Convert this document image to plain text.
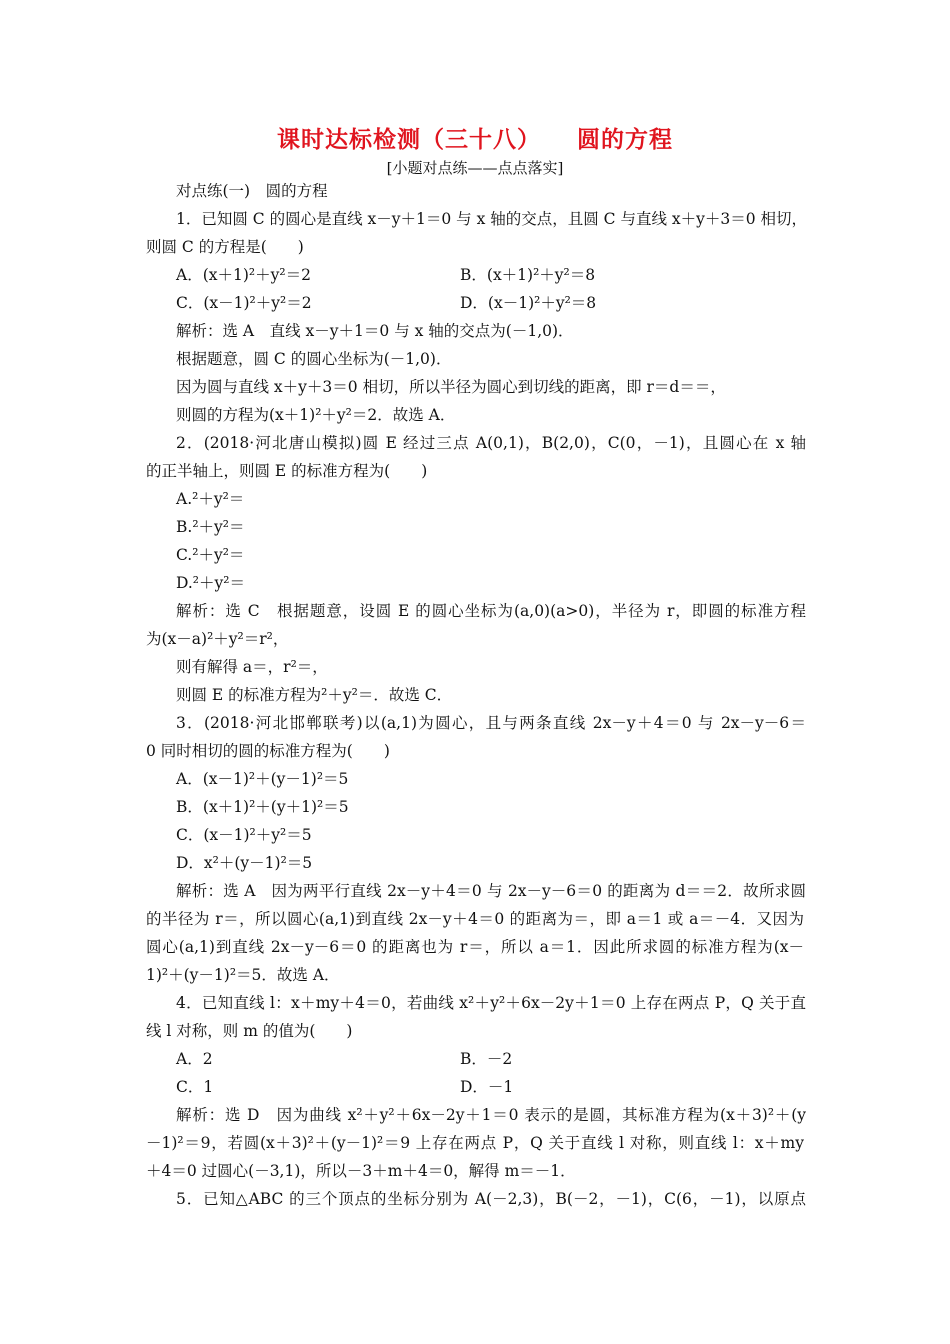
课时达标检测（三十八）    圆的方程
[小题对点练——点点落实]
对点练(一)　圆的方程
1．已知圆 C 的圆心是直线 x－y＋1＝0 与 x 轴的交点，且圆 C 与直线 x＋y＋3＝0 相切，
则圆 C 的方程是(　　)
A．(x＋1)²＋y²＝2	B．(x＋1)²＋y²＝8
C．(x－1)²＋y²＝2	D．(x－1)²＋y²＝8
解析：选 A　直线 x－y＋1＝0 与 x 轴的交点为(－1,0)．
根据题意，圆 C 的圆心坐标为(－1,0)．
因为圆与直线 x＋y＋3＝0 相切，所以半径为圆心到切线的距离，即 r＝d＝＝，
则圆的方程为(x＋1)²＋y²＝2．故选 A．
2．(2018·河北唐山模拟)圆 E 经过三点 A(0,1)，B(2,0)，C(0，－1)，且圆心在 x 轴
的正半轴上，则圆 E 的标准方程为(　　)
A.²＋y²＝
B.²＋y²＝
C.²＋y²＝
D.²＋y²＝
解析：选 C　根据题意，设圆 E 的圆心坐标为(a,0)(a>0)，半径为 r，即圆的标准方程
为(x－a)²＋y²＝r²，
则有解得 a＝，r²＝，
则圆 E 的标准方程为²＋y²＝．故选 C．
3．(2018·河北邯郸联考)以(a,1)为圆心，且与两条直线 2x－y＋4＝0 与 2x－y－6＝
0 同时相切的圆的标准方程为(　　)
A．(x－1)²＋(y－1)²＝5
B．(x＋1)²＋(y＋1)²＝5
C．(x－1)²＋y²＝5
D．x²＋(y－1)²＝5
解析：选 A　因为两平行直线 2x－y＋4＝0 与 2x－y－6＝0 的距离为 d＝＝2．故所求圆
的半径为 r＝，所以圆心(a,1)到直线 2x－y＋4＝0 的距离为＝，即 a＝1 或 a＝－4．又因为
圆心(a,1)到直线 2x－y－6＝0 的距离也为 r＝，所以 a＝1．因此所求圆的标准方程为(x－
1)²＋(y－1)²＝5．故选 A．
4．已知直线 l：x＋my＋4＝0，若曲线 x²＋y²＋6x－2y＋1＝0 上存在两点 P，Q 关于直
线 l 对称，则 m 的值为(　　)
A．2	B．－2
C．1	D．－1
解析：选 D　因为曲线 x²＋y²＋6x－2y＋1＝0 表示的是圆，其标准方程为(x＋3)²＋(y
－1)²＝9，若圆(x＋3)²＋(y－1)²＝9 上存在两点 P，Q 关于直线 l 对称，则直线 l：x＋my
＋4＝0 过圆心(－3,1)，所以－3＋m＋4＝0，解得 m＝－1．
5．已知△ABC 的三个顶点的坐标分别为 A(－2,3)，B(－2，－1)，C(6，－1)，以原点
